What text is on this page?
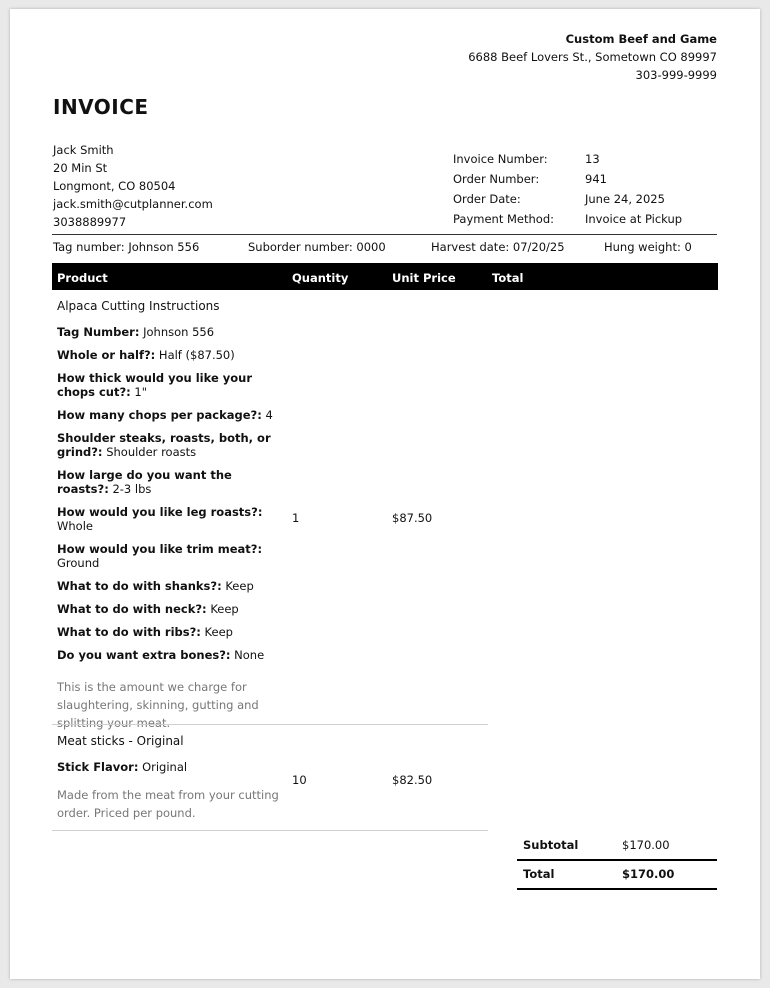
Custom Beef and Game
6688 Beef Lovers St., Sometown CO 89997
303-999-9999
INVOICE
Jack Smith
20 Min St
Longmont, CO 80504
jack.smith@cutplanner.com
3038889977
Invoice Number:	13
Order Number:	941
Order Date:	June 24, 2025
Payment Method:	Invoice at Pickup
Tag number: Johnson 556	Suborder number: 0000	Harvest date: 07/20/25	Hung weight: 0
Product	Quantity	Unit Price	Total
Alpaca Cutting Instructions
Tag Number: Johnson 556
Whole or half?: Half ($87.50)
How thick would you like your chops cut?: 1"
How many chops per package?: 4
Shoulder steaks, roasts, both, or grind?: Shoulder roasts
How large do you want the roasts?: 2-3 lbs
How would you like leg roasts?: Whole
How would you like trim meat?: Ground
What to do with shanks?: Keep
What to do with neck?: Keep
What to do with ribs?: Keep
Do you want extra bones?: None
This is the amount we charge for slaughtering, skinning, gutting and splitting your meat.
1	$87.50
Meat sticks - Original
Stick Flavor: Original
Made from the meat from your cutting order. Priced per pound.
10	$82.50
Subtotal	$170.00
Total	$170.00
